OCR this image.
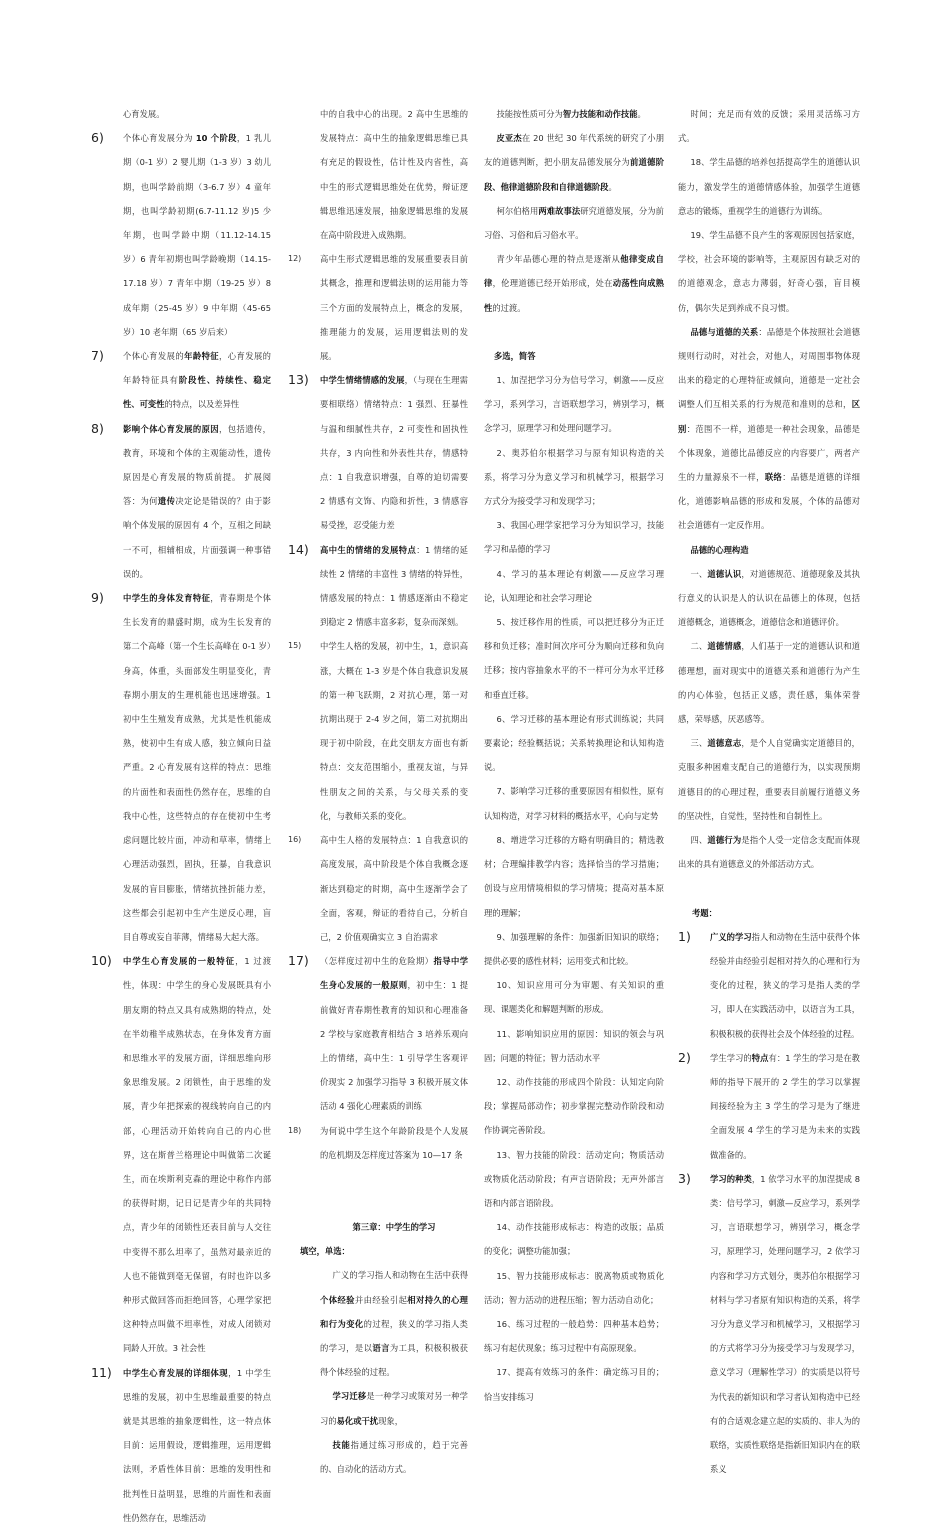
心育发展。

6) 个体心育发展分为 10 个阶段，1 乳儿期（0-1 岁）2 婴儿期（1-3 岁）3 幼儿期，也叫学龄前期（3-6.7 岁）4 童年期，也叫学龄初期(6.7-11.12 岁)5 少年期，也叫学龄中期（11.12-14.15 岁）6 青年初期也叫学龄晚期（14.15-17.18 岁）7 青年中期（19-25 岁）8 成年期（25-45 岁）9 中年期（45-65 岁）10 老年期（65 岁后来）

7) 个体心育发展的年龄特征，心育发展的年龄特征具有阶段性、持续性、稳定性、可变性的特点，以及差异性

8) 影响个体心育发展的原因，包括遗传，教育，环境和个体的主观能动性，遗传原因是心育发展的物质前提。 扩展阅答：为何遗传决定论是错误的？由于影响个体发展的原因有 4 个，互相之间缺一不可，相辅相成，片面强调一种事错误的。

9) 中学生的身体发育特征，青春期是个体生长发育的鼎盛时期，成为生长发育的第二个高峰（第一个生长高峰在 0-1 岁）身高，体重，头面部发生明显变化，青春期小朋友的生理机能也迅速增强。1 初中生生殖发育成熟，尤其是性机能成熟，使初中生有成人感，独立倾向日益严重。2 心育发展有这样的特点：思维的片面性和表面性仍然存在，思维的自我中心性，这些特点的存在使初中生考虑问题比较片面，冲动和草率，情绪上心理活动强烈，固执，狂暴，自我意识发展的盲目膨胀，情绪抗挫折能力差，这些都会引起初中生产生逆反心理，盲目自尊或妄自菲薄，情绪易大起大落。

10) 中学生心育发展的一般特征，1 过渡性，体现：中学生的身心发展既具有小朋友期的特点又具有成熟期的特点，处在半幼稚半成熟状态，在身体发育方面和思维水平的发展方面，详细思维向形象思维发展。2 闭锁性，由于思维的发展，青少年把探索的视线转向自己的内部，心理活动开始转向自己的内心世界，这在斯普兰格理论中叫做第二次诞生，而在埃斯利克森的理论中称作内部的获得时期，记日记是青少年的共同特点，青少年的闭锁性还表目前与人交往中变得不那么坦率了，虽然对最亲近的人也不能做到毫无保留，有时也许以多种形式做回答而拒绝回答，心理学家把这种特点叫做不坦率性，对成人闭锁对同龄人开放。3 社会性

11) 中学生心育发展的详细体现，1 中学生思维的发展，初中生思维最重要的特点就是其思维的抽象逻辑性，这一特点体目前：运用假设，逻辑推理，运用逻辑法则，矛盾性体目前：思维的发明性和批判性日益明显，思维的片面性和表面性仍然存在，思维活动

中的自我中心的出现。2 高中生思维的发展特点：高中生的抽象逻辑思维已具有充足的假设性，估计性及内省性，高中生的形式逻辑思维处在优势，辩证逻辑思维迅速发展，抽象逻辑思维的发展在高中阶段进入成熟期。

12) 高中生形式逻辑思维的发展重要表目前其概念，推理和逻辑法则的运用能力等三个方面的发展特点上，概念的发展，推理能力的发展，运用逻辑法则的发展。

13) 中学生情绪情感的发展，（与现在生理需要相联络）情绪特点：1 强烈、狂暴性与温和细腻性共存，2 可变性和固执性共存，3 内向性和外表性共存，情感特点：1 自我意识增强，自尊的迫切需要 2 情感有文饰、内隐和折性，3 情感容易受挫，忍受能力差

14) 高中生的情绪的发展特点：1 情绪的延续性 2 情绪的丰富性 3 情绪的特异性，情感发展的特点：1 情感逐渐由不稳定到稳定 2 情感丰富多彩，复杂而深刻。

15) 中学生人格的发展，初中生，1，意识高涨，大概在 1-3 岁是个体自我意识发展的第一种飞跃期，2 对抗心理，第一对抗期出现于 2-4 岁之间，第二对抗期出现于初中阶段，在此交朋友方面也有新特点：交友范围缩小，重视友谊，与异性朋友之间的关系，与父母关系的变化，与教师关系的变化。

16) 高中生人格的发展特点：1 自我意识的高度发展，高中阶段是个体自我概念逐渐达到稳定的时期，高中生逐渐学会了全面，客观，辩证的看待自己，分析自己，2 价值观确实立 3 自治需求

17) （怎样度过初中生的危险期）指导中学生身心发展的一般原则，初中生：1 提前做好青春期性教育的知识和心理准备 2 学校与家庭教育相结合 3 培养乐观向上的情绪，高中生：1 引导学生客观评价现实 2 加强学习指导 3 积极开展文体活动 4 强化心理素质的训练

18) 为何说中学生这个年龄阶段是个人发展的危机期及怎样度过答案为 10—17 条

第三章：中学生的学习

填空，单选：

广义的学习指人和动物在生活中获得个体经验并由经验引起相对持久的心理和行为变化的过程，狭义的学习指人类的学习，是以语言为工具，积极积极获得个体经验的过程。

学习迁移是一种学习或策对另一种学习的易化或干扰现象，

技能指通过练习形成的，趋于完善的、自动化的活动方式。

技能按性质可分为智力技能和动作技能。

皮亚杰在 20 世纪 30 年代系统的研究了小朋友的道德判断，把小朋友品德发展分为前道德阶段、他律道德阶段和自律道德阶段。

柯尔伯格用两难故事法研究道德发展，分为前习俗、习俗和后习俗水平。

青少年品德心理的特点是逐渐从他律变成自律，伦理道德已经开始形成，处在动荡性向成熟性的过渡。

多选，简答

1、加涅把学习分为信号学习，刺激——反应学习，系列学习，言语联想学习，辨别学习，概念学习，原理学习和处理问题学习。

2、奥苏伯尔根据学习与原有知识构造的关系，将学习分为意义学习和机械学习，根据学习方式分为接受学习和发现学习；

3、我国心理学家把学习分为知识学习，技能学习和品德的学习

4、学习的基本理论有刺激——反应学习理论，认知理论和社会学习理论

5、按迁移作用的性质，可以把迁移分为正迁移和负迁移；准时间次序可分为顺向迁移和负向迁移；按内容抽象水平的不一样可分为水平迁移和垂直迁移。

6、学习迁移的基本理论有形式训练说；共同要素论；经验概括说；关系转换理论和认知构造说。

7、影响学习迁移的重要原因有相似性，原有认知构造，对学习材料的概括水平，心向与定势

8、增进学习迁移的方略有明确目的；精选教材；合理编排教学内容；选择恰当的学习措施；创设与应用情境相似的学习情境；提高对基本原理的理解；

9、加强理解的条件：加强新旧知识的联络；提供必要的感性材料；运用变式和比较。

10、知识应用可分为审题、有关知识的重现、课题类化和解题判断的形成。

11、影响知识应用的原因：知识的领会与巩固；问题的特征；智力活动水平

12、动作技能的形成四个阶段：认知定向阶段；掌握局部动作；初步掌握完整动作阶段和动作协调完善阶段。

13、智力技能的阶段：活动定向；物质活动或物质化活动阶段；有声言语阶段；无声外部言语和内部言语阶段。

14、动作技能形成标志：构造的改版；品质的变化；调整功能加强；

15、智力技能形成标志：脱离物质或物质化活动；智力活动的进程压缩；智力活动自动化；

16、练习过程的一般趋势：四种基本趋势；练习有起伏现象；练习过程中有高原现象。

17、提高有效练习的条件：确定练习目的；恰当安排练习

时间；充足而有效的反馈；采用灵活练习方式。

18、学生品德的培养包括提高学生的道德认识能力，激发学生的道德情感体验，加强学生道德意志的锻炼，重视学生的道德行为训练。

19、学生品德不良产生的客观原因包括家庭，学校，社会环境的影响等，主观原因有缺乏对的的道德观念，意志力薄弱，好奇心强，盲目模仿，偶尔失足到养成不良习惯。

品德与道德的关系：品德是个体按照社会道德规则行动时，对社会，对他人，对周围事物体现出来的稳定的心理特征或倾向，道德是一定社会调整人们互相关系的行为规范和准则的总和，区别：范围不一样，道德是一种社会现象，品德是个体现象，道德比品德反应的内容要广，两者产生的力量源泉不一样，联络：品德是道德的详细化，道德影响品德的形成和发展，个体的品德对社会道德有一定反作用。

品德的心理构造

一、道德认识，对道德规范、道德现象及其执行意义的认识是人的认识在品德上的体现，包括道德概念，道德概念，道德信念和道德评价。

二、道德情感，人们基于一定的道德认识和道德理想，面对现实中的道德关系和道德行为产生的内心体验，包括正义感，责任感，集体荣誉感，荣辱感，厌恶感等。

三、道德意志，是个人自觉确实定道德目的，克服多种困难支配自己的道德行为，以实现预期道德目的的心理过程，重要表目前履行道德义务的坚决性，自觉性，坚持性和自制性上。

四、道德行为是指个人受一定信念支配而体现出来的具有道德意义的外部活动方式。

考题：

1) 广义的学习指人和动物在生活中获得个体经验并由经验引起相对持久的心理和行为变化的过程，狭义的学习是指人类的学习，即人在实践活动中，以语言为工具，积极积极的获得社会及个体经验的过程。

2) 学生学习的特点有：1 学生的学习是在教师的指导下展开的 2 学生的学习以掌握间接经验为主 3 学生的学习是为了继进全面发展 4 学生的学习是为未来的实践做准备的。

3) 学习的种类，1 依学习水平的加涅提成 8 类：信号学习，刺激—反应学习，系列学习，言语联想学习，辨别学习，概念学习，原理学习，处理问题学习，2 依学习内容和学习方式划分，奥苏伯尔根据学习材料与学习者原有知识构造的关系，将学习分为意义学习和机械学习，又根据学习的方式将学习分为接受学习与发现学习，意义学习（理解性学习）的实质是以符号为代表的新知识和学习者认知构造中已经有的合适观念建立起的实质的、非人为的联络，实质性联络是指新旧知识内在的联系义
